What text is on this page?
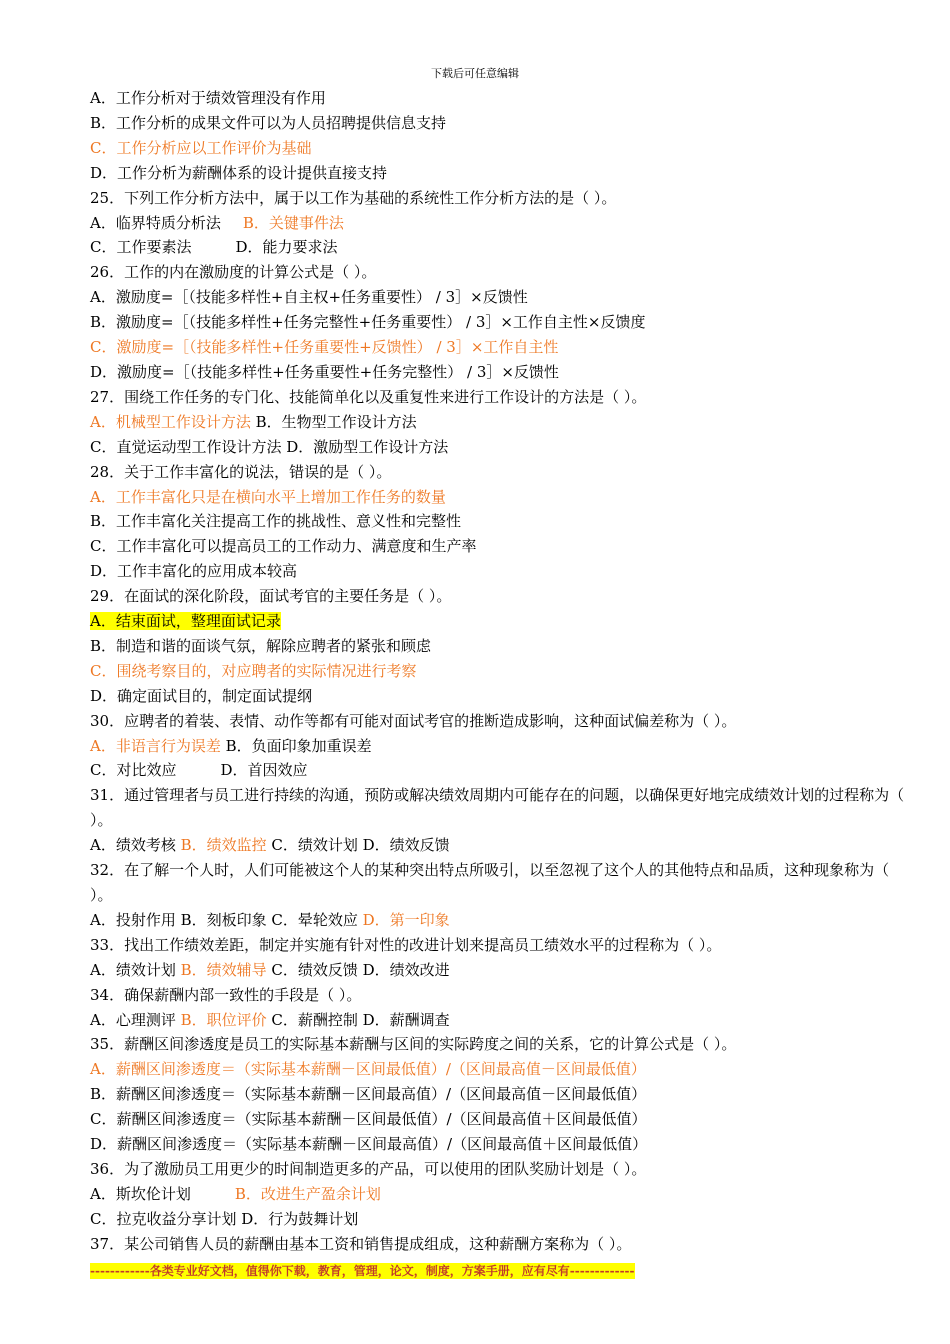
下载后可任意编辑
A．工作分析对于绩效管理没有作用
B．工作分析的成果文件可以为人员招聘提供信息支持
C．工作分析应以工作评价为基础
D．工作分析为薪酬体系的设计提供直接支持
25．下列工作分析方法中，属于以工作为基础的系统性工作分析方法的是（ ）。
A．临界特质分析法 B．关键事件法
C．工作要素法	D．能力要求法
26．工作的内在激励度的计算公式是（ ）。
A．激励度=［（技能多样性+自主权+任务重要性） / 3］×反馈性
B．激励度=［（技能多样性+任务完整性+任务重要性） / 3］×工作自主性×反馈度
C．激励度=［（技能多样性+任务重要性+反馈性） / 3］×工作自主性
D．激励度=［（技能多样性+任务重要性+任务完整性） / 3］×反馈性
27．围绕工作任务的专门化、技能简单化以及重复性来进行工作设计的方法是（ ）。
A．机械型工作设计方法 B．生物型工作设计方法
C．直觉运动型工作设计方法 D．激励型工作设计方法
28．关于工作丰富化的说法，错误的是（ ）。
A．工作丰富化只是在横向水平上增加工作任务的数量
B．工作丰富化关注提高工作的挑战性、意义性和完整性
C．工作丰富化可以提高员工的工作动力、满意度和生产率
D．工作丰富化的应用成本较高
29．在面试的深化阶段，面试考官的主要任务是（ ）。
A．结束面试，整理面试记录
B．制造和谐的面谈气氛，解除应聘者的紧张和顾虑
C．围绕考察目的，对应聘者的实际情况进行考察
D．确定面试目的，制定面试提纲
30．应聘者的着装、表情、动作等都有可能对面试考官的推断造成影响，这种面试偏差称为（ ）。
A．非语言行为误差 B．负面印象加重误差
C．对比效应	D．首因效应
31．通过管理者与员工进行持续的沟通，预防或解决绩效周期内可能存在的问题，以确保更好地完成绩效计划的过程称为（ ）。
A．绩效考核 B．绩效监控 C．绩效计划 D．绩效反馈
32．在了解一个人时，人们可能被这个人的某种突出特点所吸引，以至忽视了这个人的其他特点和品质，这种现象称为（ ）。
A．投射作用 B．刻板印象 C．晕轮效应 D．第一印象
33．找出工作绩效差距，制定并实施有针对性的改进计划来提高员工绩效水平的过程称为（ ）。
A．绩效计划 B．绩效辅导 C．绩效反馈 D．绩效改进
34．确保薪酬内部一致性的手段是（ ）。
A．心理测评 B．职位评价 C．薪酬控制 D．薪酬调查
35．薪酬区间渗透度是员工的实际基本薪酬与区间的实际跨度之间的关系，它的计算公式是（ ）。
A．薪酬区间渗透度＝（实际基本薪酬－区间最低值）/（区间最高值－区间最低值）
B．薪酬区间渗透度＝（实际基本薪酬－区间最高值）/（区间最高值－区间最低值）
C．薪酬区间渗透度＝（实际基本薪酬－区间最低值）/（区间最高值＋区间最低值）
D．薪酬区间渗透度＝（实际基本薪酬－区间最高值）/（区间最高值＋区间最低值）
36．为了激励员工用更少的时间制造更多的产品，可以使用的团队奖励计划是（ ）。
A．斯坎伦计划	B．改进生产盈余计划
C．拉克收益分享计划 D．行为鼓舞计划
37．某公司销售人员的薪酬由基本工资和销售提成组成，这种薪酬方案称为（ ）。
------------各类专业好文档，值得你下载，教育，管理，论文，制度，方案手册，应有尽有-------------
